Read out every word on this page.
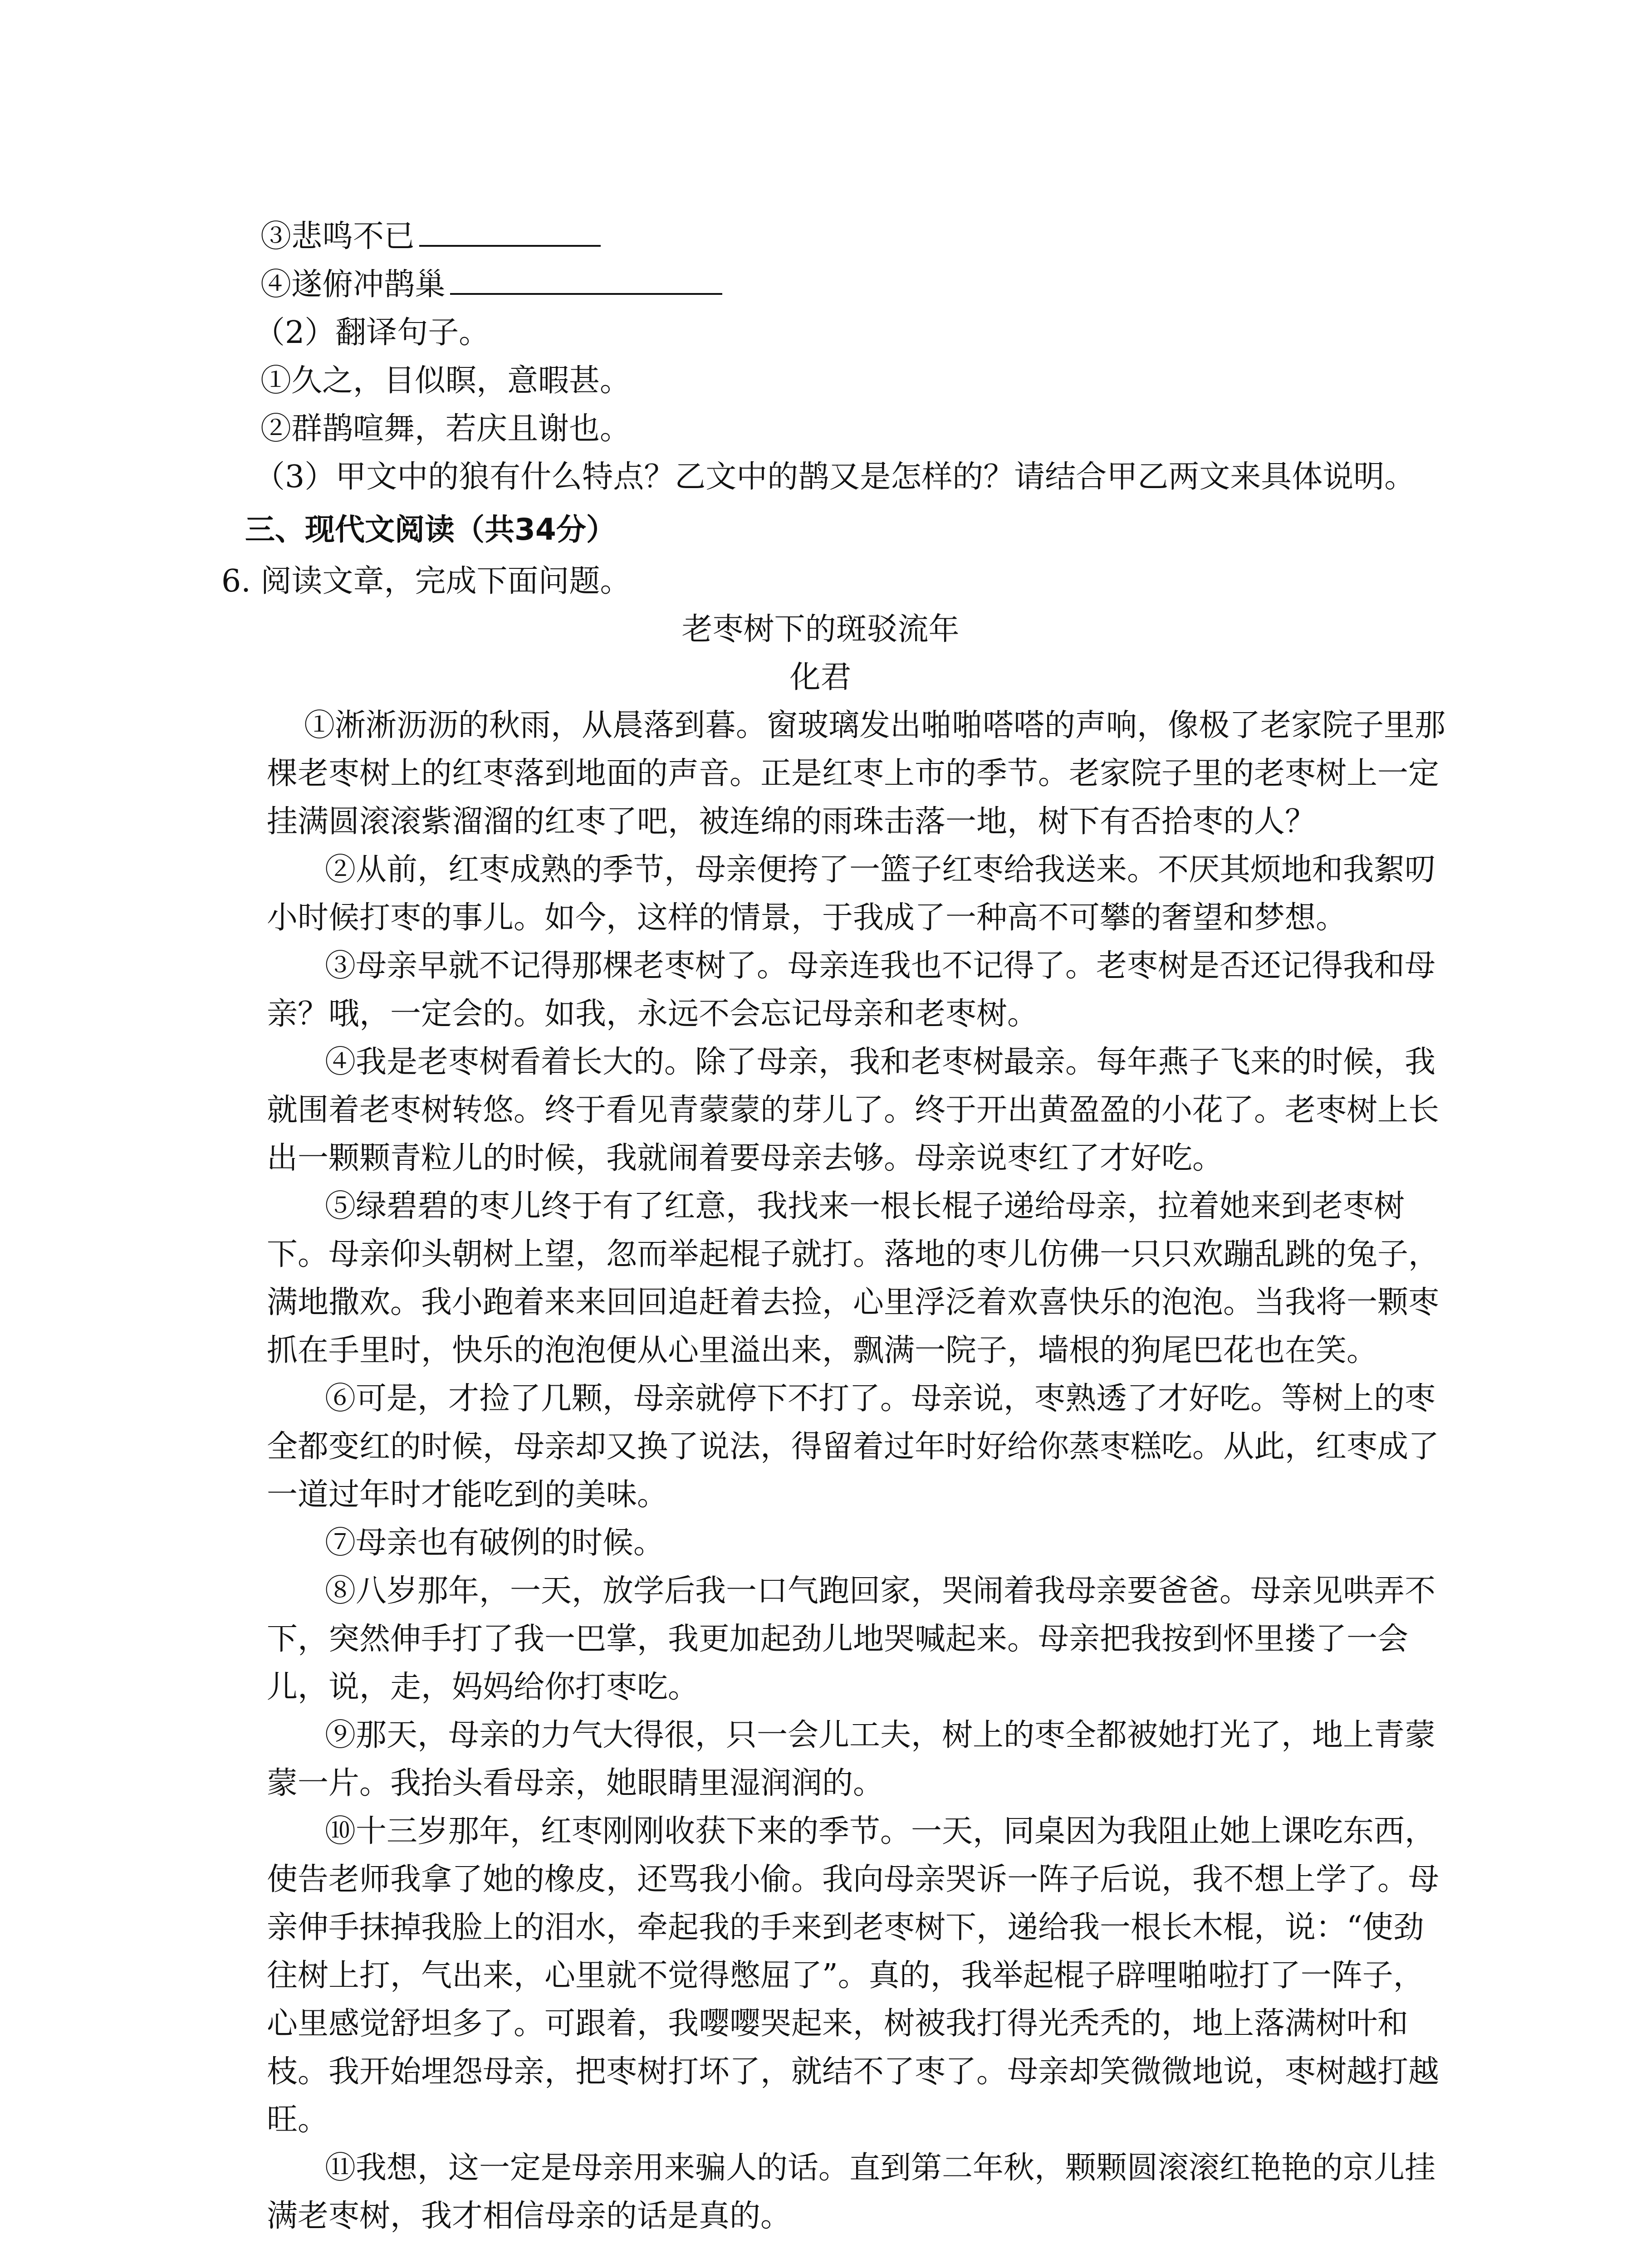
③悲鸣不已
④遂俯冲鹊巢
（2）翻译句子。
①久之，目似瞑，意暇甚。
②群鹊喧舞，若庆且谢也。
（3）甲文中的狼有什么特点？乙文中的鹊又是怎样的？请结合甲乙两文来具体说明。
三、现代文阅读（共34分）
6. 阅读文章，完成下面问题。
老枣树下的斑驳流年
化君
①淅淅沥沥的秋雨，从晨落到暮。窗玻璃发出啪啪嗒嗒的声响，像极了老家院子里那
棵老枣树上的红枣落到地面的声音。正是红枣上市的季节。老家院子里的老枣树上一定
挂满圆滚滚紫溜溜的红枣了吧，被连绵的雨珠击落一地，树下有否拾枣的人？
②从前，红枣成熟的季节，母亲便挎了一篮子红枣给我送来。不厌其烦地和我絮叨
小时候打枣的事儿。如今，这样的情景，于我成了一种高不可攀的奢望和梦想。
③母亲早就不记得那棵老枣树了。母亲连我也不记得了。老枣树是否还记得我和母
亲？哦，一定会的。如我，永远不会忘记母亲和老枣树。
④我是老枣树看着长大的。除了母亲，我和老枣树最亲。每年燕子飞来的时候，我
就围着老枣树转悠。终于看见青蒙蒙的芽儿了。终于开出黄盈盈的小花了。老枣树上长
出一颗颗青粒儿的时候，我就闹着要母亲去够。母亲说枣红了才好吃。
⑤绿碧碧的枣儿终于有了红意，我找来一根长棍子递给母亲，拉着她来到老枣树
下。母亲仰头朝树上望，忽而举起棍子就打。落地的枣儿仿佛一只只欢蹦乱跳的兔子，
满地撒欢。我小跑着来来回回追赶着去捡，心里浮泛着欢喜快乐的泡泡。当我将一颗枣
抓在手里时，快乐的泡泡便从心里溢出来，飘满一院子，墙根的狗尾巴花也在笑。
⑥可是，才捡了几颗，母亲就停下不打了。母亲说，枣熟透了才好吃。等树上的枣
全都变红的时候，母亲却又换了说法，得留着过年时好给你蒸枣糕吃。从此，红枣成了
一道过年时才能吃到的美味。
⑦母亲也有破例的时候。
⑧八岁那年，一天，放学后我一口气跑回家，哭闹着我母亲要爸爸。母亲见哄弄不
下，突然伸手打了我一巴掌，我更加起劲儿地哭喊起来。母亲把我按到怀里搂了一会
儿，说，走，妈妈给你打枣吃。
⑨那天，母亲的力气大得很，只一会儿工夫，树上的枣全都被她打光了，地上青蒙
蒙一片。我抬头看母亲，她眼睛里湿润润的。
⑩十三岁那年，红枣刚刚收获下来的季节。一天，同桌因为我阻止她上课吃东西，
使告老师我拿了她的橡皮，还骂我小偷。我向母亲哭诉一阵子后说，我不想上学了。母
亲伸手抹掉我脸上的泪水，牵起我的手来到老枣树下，递给我一根长木棍，说：“使劲
往树上打，气出来，心里就不觉得憋屈了”。真的，我举起棍子辟哩啪啦打了一阵子，
心里感觉舒坦多了。可跟着，我嘤嘤哭起来，树被我打得光秃秃的，地上落满树叶和
枝。我开始埋怨母亲，把枣树打坏了，就结不了枣了。母亲却笑微微地说，枣树越打越
旺。
⑪我想，这一定是母亲用来骗人的话。直到第二年秋，颗颗圆滚滚红艳艳的京儿挂
满老枣树，我才相信母亲的话是真的。
